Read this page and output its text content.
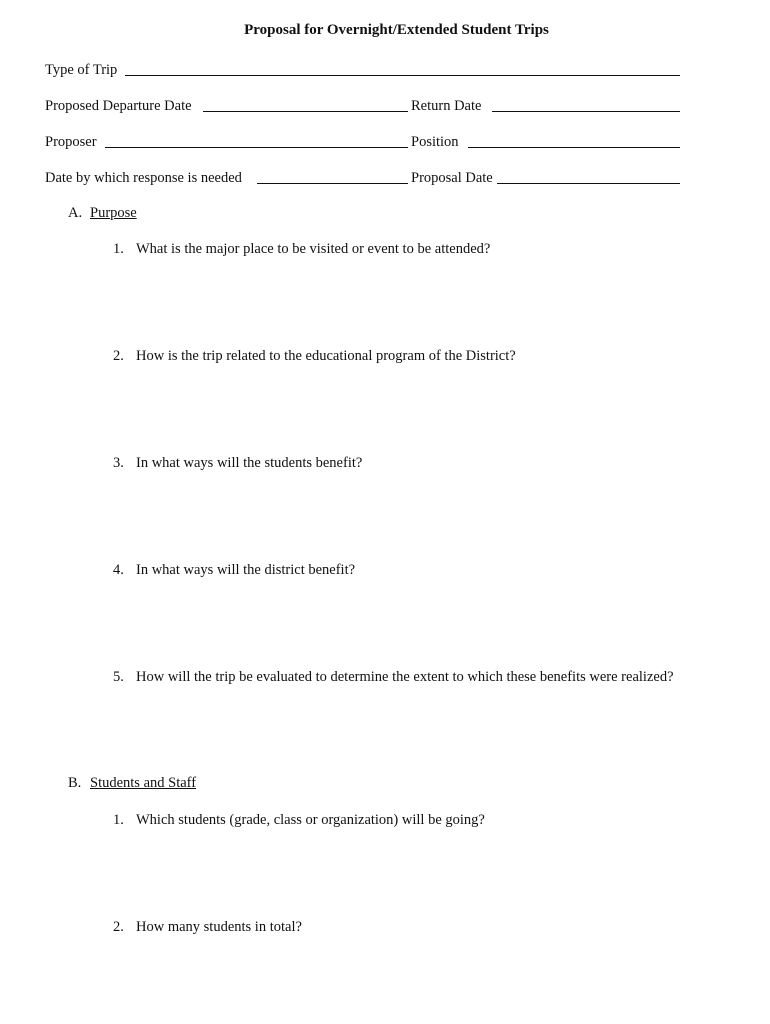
Proposal for Overnight/Extended Student Trips
Type of Trip
Proposed Departure Date	Return Date
Proposer	Position
Date by which response is needed	Proposal Date
A. Purpose
1. What is the major place to be visited or event to be attended?
2. How is the trip related to the educational program of the District?
3. In what ways will the students benefit?
4. In what ways will the district benefit?
5. How will the trip be evaluated to determine the extent to which these benefits were realized?
B. Students and Staff
1. Which students (grade, class or organization) will be going?
2. How many students in total?
